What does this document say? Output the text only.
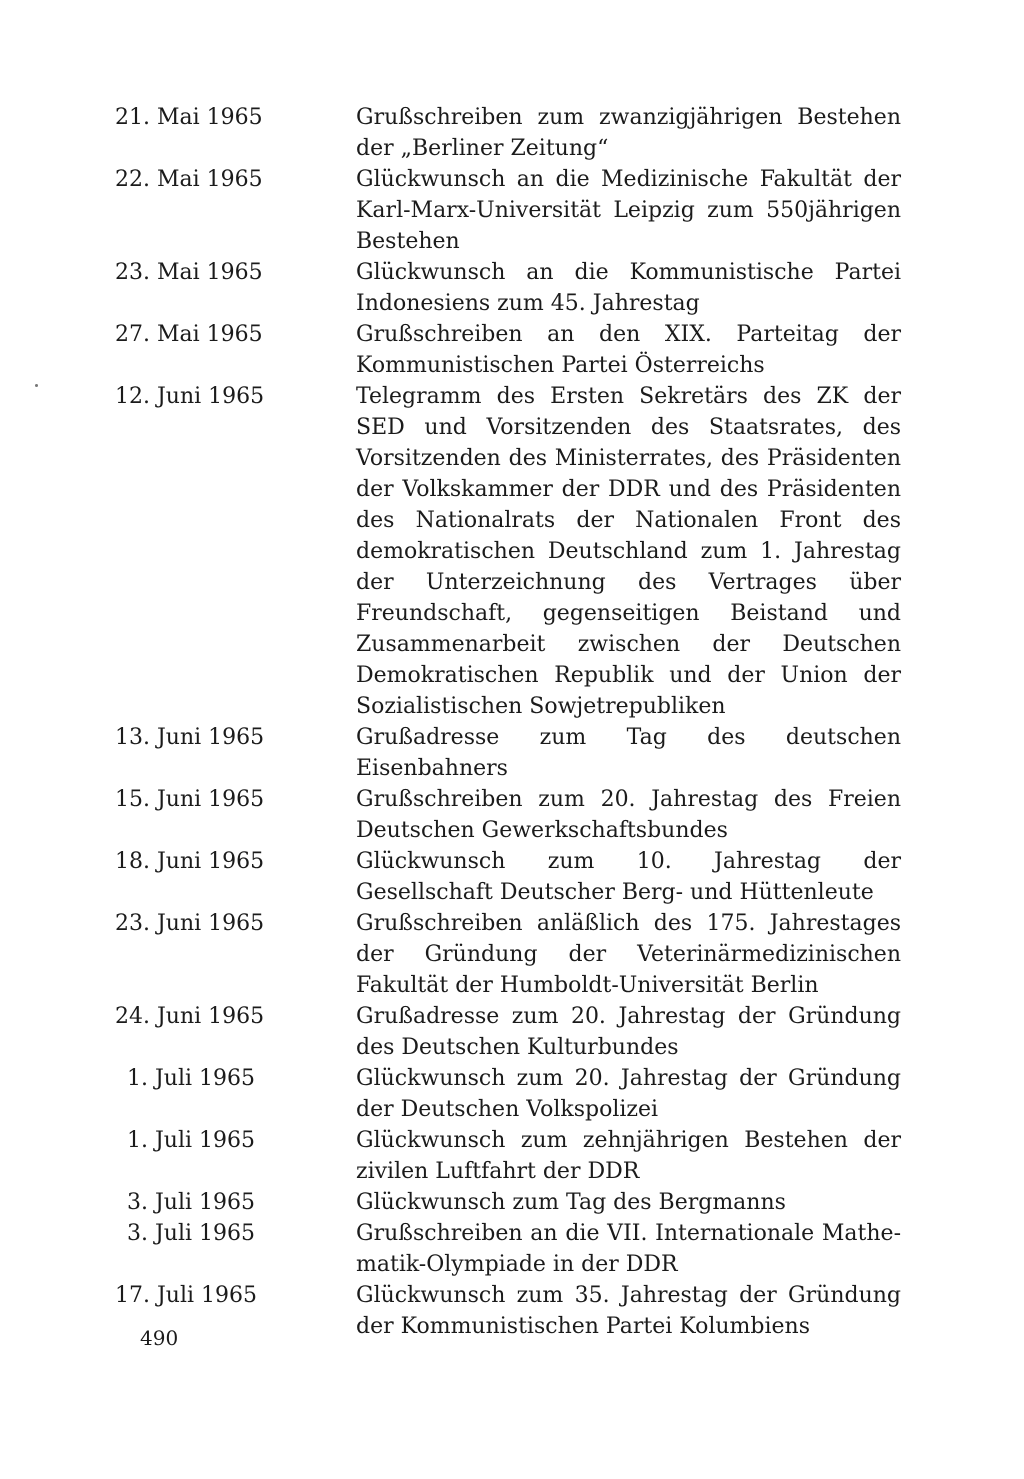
21. Mai 1965	Grußschreiben zum zwanzigjährigen Bestehen der „Berliner Zeitung“
22. Mai 1965	Glückwunsch an die Medizinische Fakultät der Karl-Marx-Universität Leipzig zum 550jährigen Bestehen
23. Mai 1965	Glückwunsch an die Kommunistische Partei Indonesiens zum 45. Jahrestag
27. Mai 1965	Grußschreiben an den XIX. Parteitag der Kommunistischen Partei Österreichs
12. Juni 1965	Telegramm des Ersten Sekretärs des ZK der SED und Vorsitzenden des Staatsrates, des Vorsitzenden des Ministerrates, des Präsidenten der Volkskammer der DDR und des Präsidenten des Nationalrats der Nationalen Front des demokratischen Deutschland zum 1. Jahrestag der Unterzeichnung des Vertrages über Freundschaft, gegenseitigen Beistand und Zusammenarbeit zwischen der Deutschen Demokratischen Republik und der Union der Sozialistischen Sowjetrepubliken
13. Juni 1965	Grußadresse zum Tag des deutschen Eisenbahners
15. Juni 1965	Grußschreiben zum 20. Jahrestag des Freien Deutschen Gewerkschaftsbundes
18. Juni 1965	Glückwunsch zum 10. Jahrestag der Gesellschaft Deutscher Berg- und Hüttenleute
23. Juni 1965	Grußschreiben anläßlich des 175. Jahrestages der Gründung der Veterinärmedizinischen Fakultät der Humboldt-Universität Berlin
24. Juni 1965	Grußadresse zum 20. Jahrestag der Gründung des Deutschen Kulturbundes
1. Juli 1965	Glückwunsch zum 20. Jahrestag der Gründung der Deutschen Volkspolizei
1. Juli 1965	Glückwunsch zum zehnjährigen Bestehen der zivilen Luftfahrt der DDR
3. Juli 1965	Glückwunsch zum Tag des Bergmanns
3. Juli 1965	Grußschreiben an die VII. Internationale Mathematik-Olympiade in der DDR
17. Juli 1965	Glückwunsch zum 35. Jahrestag der Gründung der Kommunistischen Partei Kolumbiens
490
